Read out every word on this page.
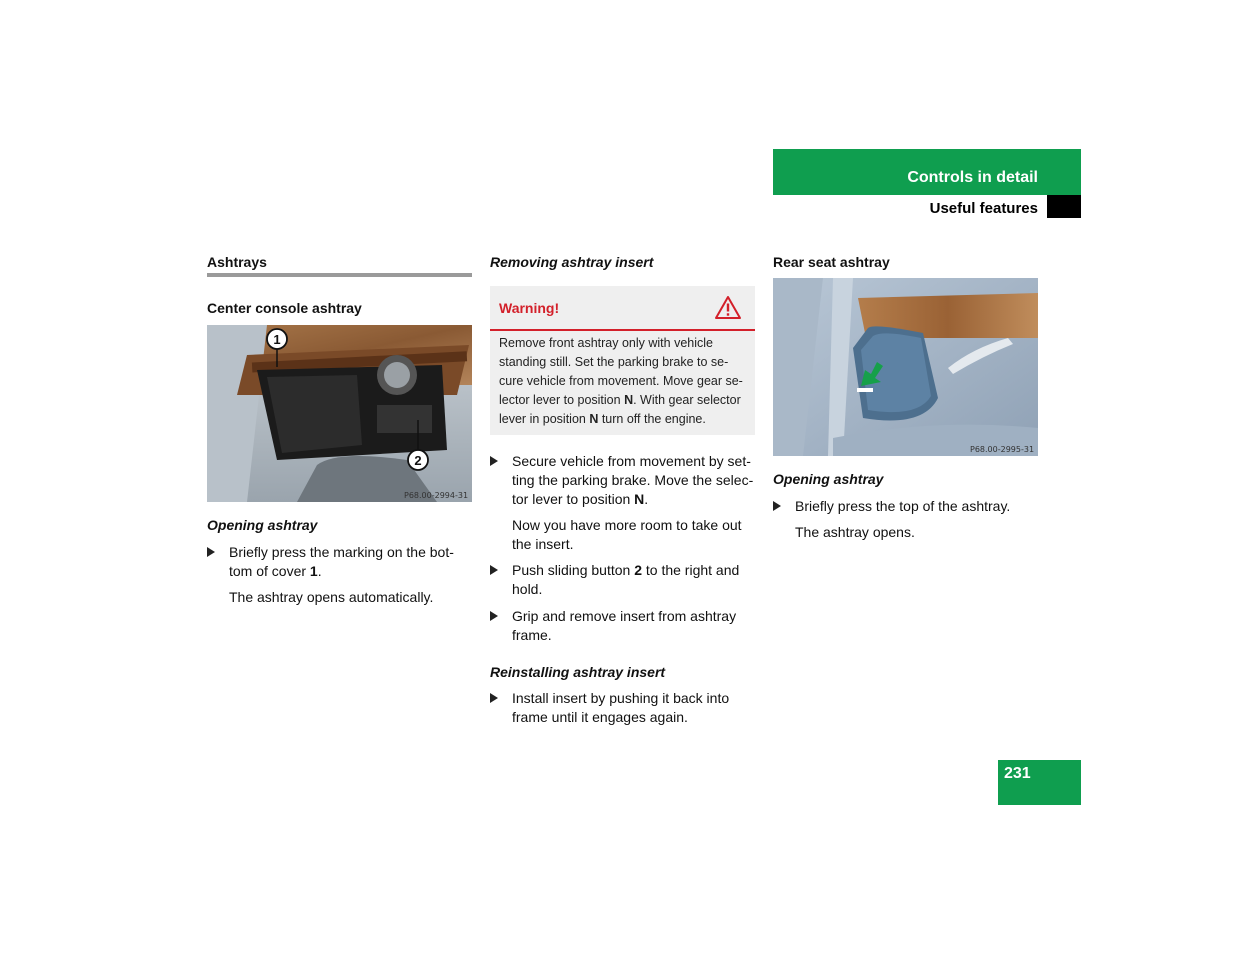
Controls in detail
Useful features
Ashtrays
Center console ashtray
1
2
P68.00-2994-31
Opening ashtray
Briefly press the marking on the bot-
tom of cover 1.
The ashtray opens automatically.
Removing ashtray insert
Warning!
Remove front ashtray only with vehicle
standing still. Set the parking brake to se-
cure vehicle from movement. Move gear se-
lector lever to position N. With gear selector
lever in position N turn off the engine.
Secure vehicle from movement by set-
ting the parking brake. Move the selec-
tor lever to position N.
Now you have more room to take out
the insert.
Push sliding button 2 to the right and
hold.
Grip and remove insert from ashtray
frame.
Reinstalling ashtray insert
Install insert by pushing it back into
frame until it engages again.
Rear seat ashtray
P68.00-2995-31
Opening ashtray
Briefly press the top of the ashtray.
The ashtray opens.
231
